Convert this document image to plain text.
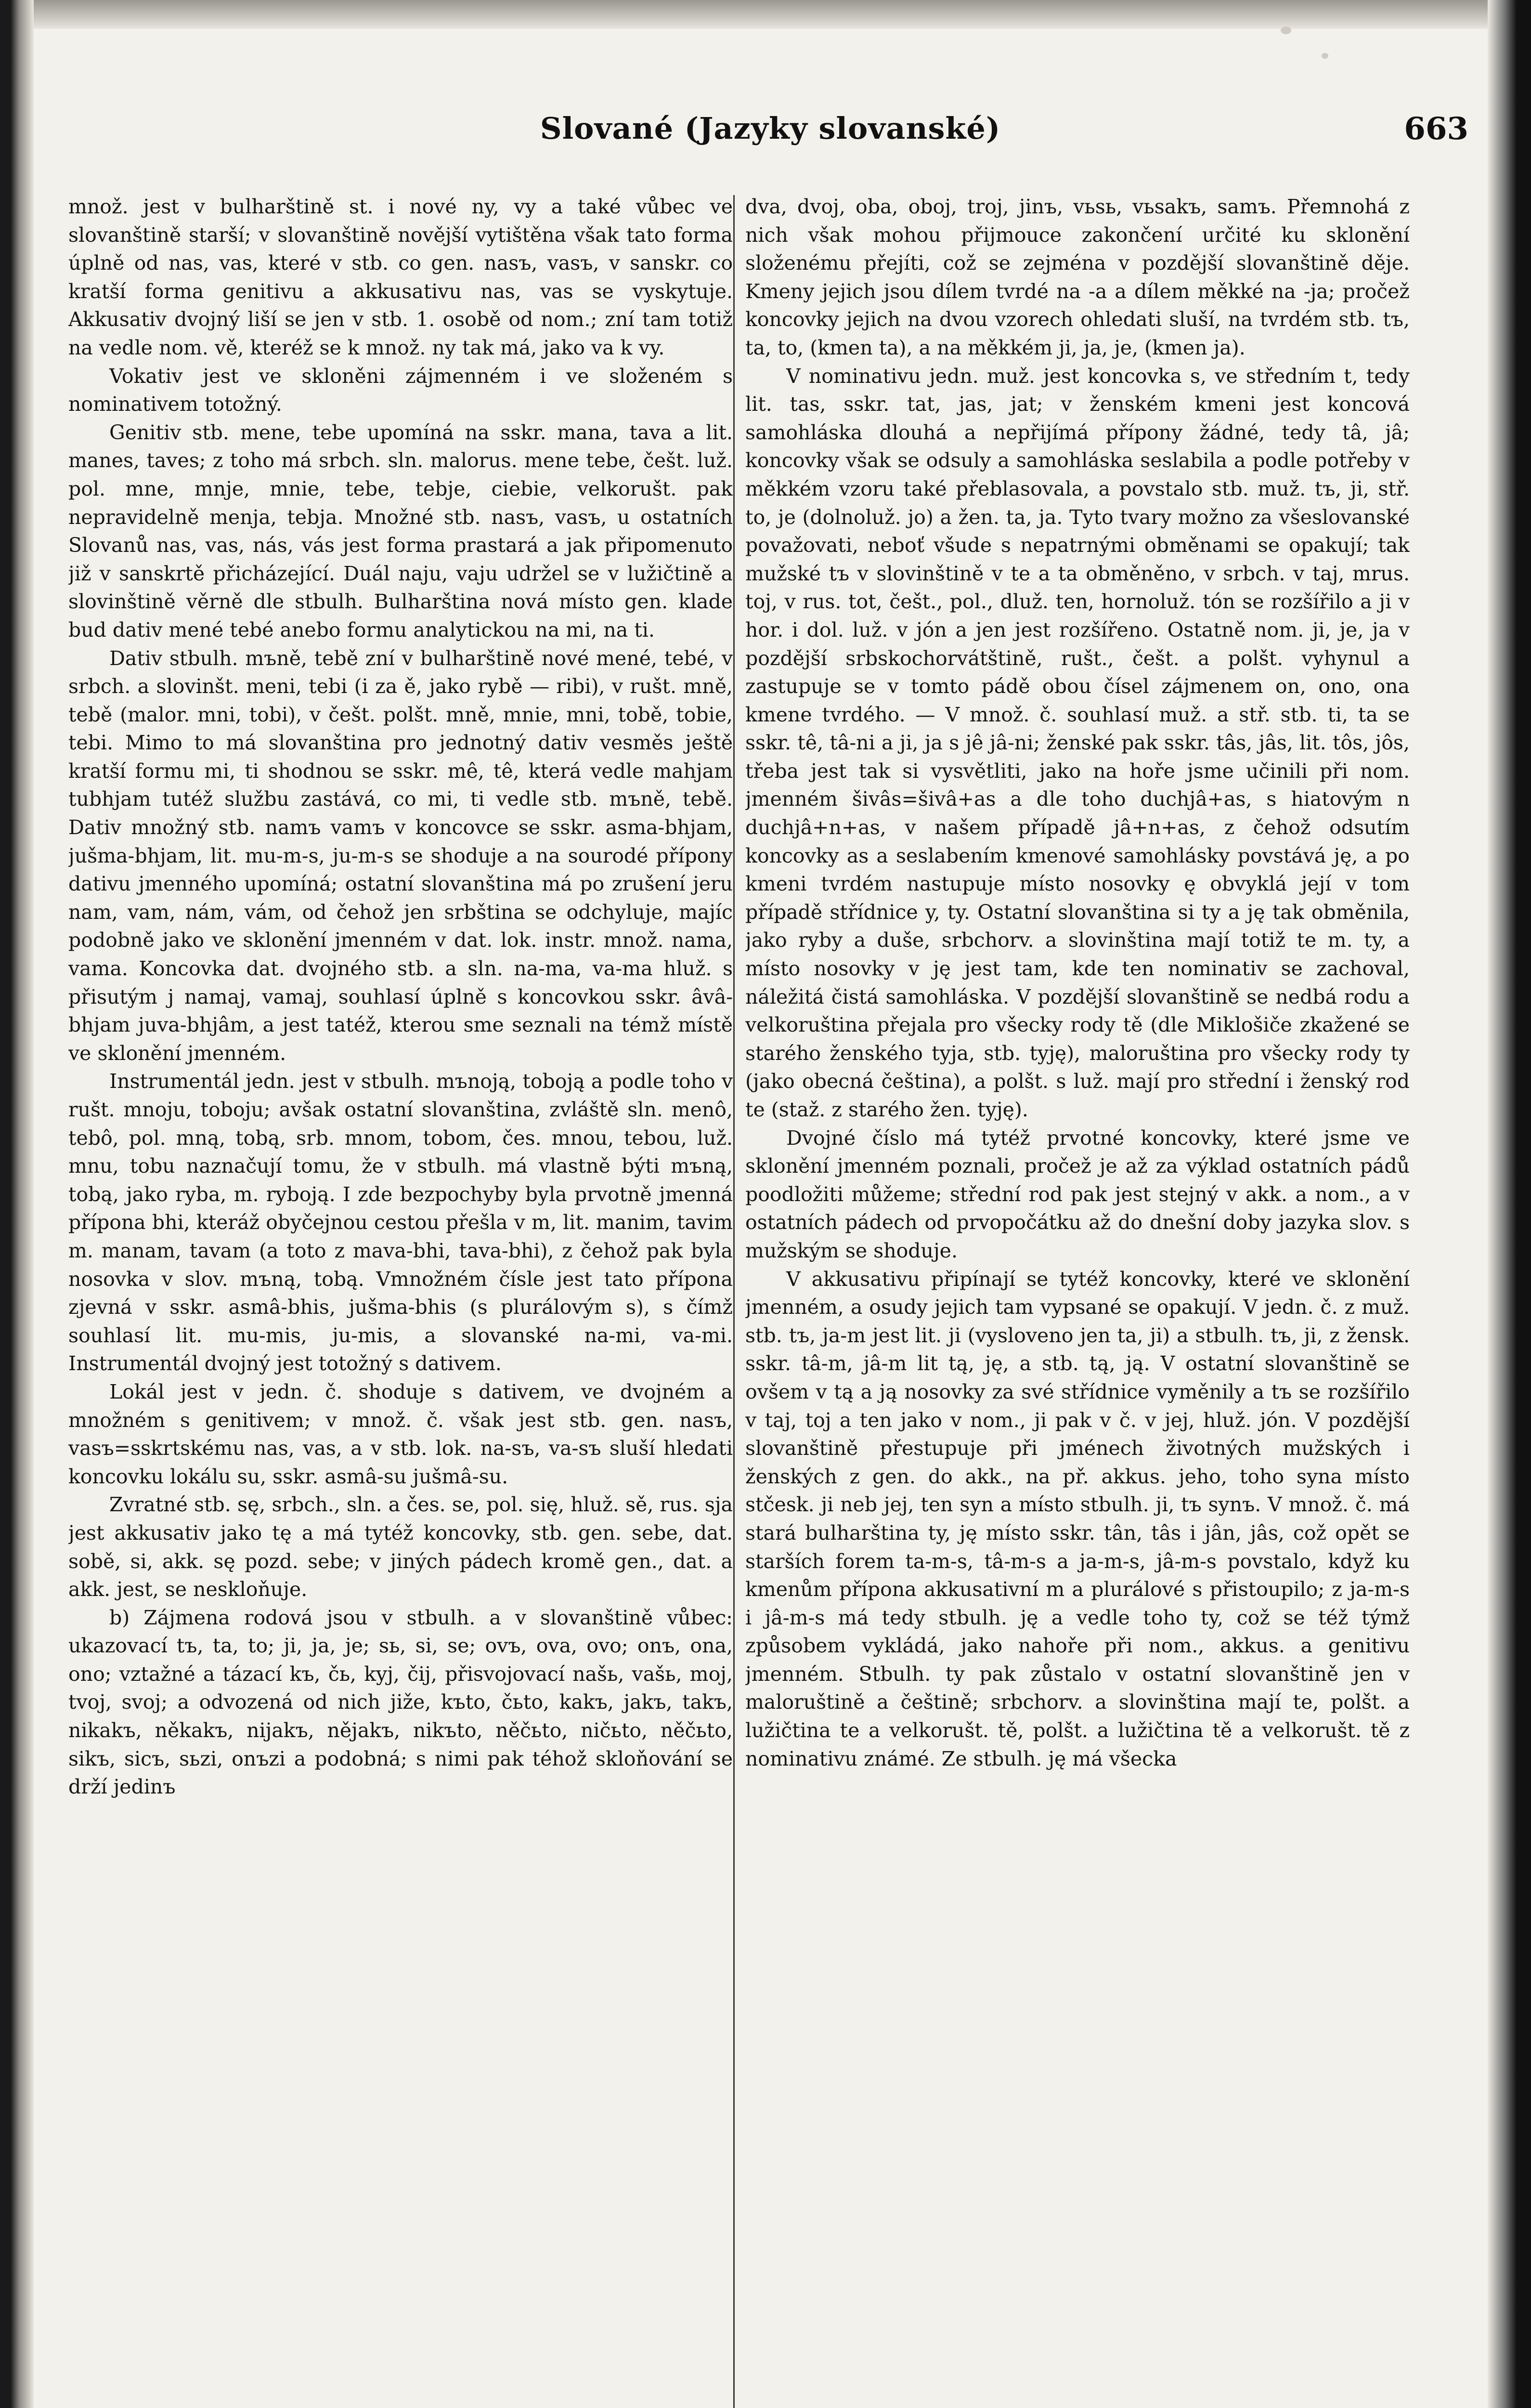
Slované (Jazyky slovanské)	663

množ. jest v bulharštině st. i nové ny, vy a také vůbec ve slovanštině starší; v slovanštině novější vytištěna však tato forma úplně od nas, vas, které v stb. co gen. nasъ, vasъ, v sanskr. co kratší forma genitivu a akkusativu nas, vas se vyskytuje. Akkusativ dvojný liší se jen v stb. 1. osobě od nom.; zní tam totiž na vedle nom. vě, kteréž se k množ. ny tak má, jako va k vy.

Vokativ jest ve skloněni zájmenném i ve složeném s nominativem totožný.

Genitiv stb. mene, tebe upomíná na sskr. mana, tava a lit. manes, taves; z toho má srbch. sln. malorus. mene tebe, češt. luž. pol. mne, mnje, mnie, tebe, tebje, ciebie, velkorušt. pak nepravidelně menja, tebja. Množné stb. nasъ, vasъ, u ostatních Slovanů nas, vas, nás, vás jest forma prastará a jak připomenuto již v sanskrtě přicházející. Duál naju, vaju udržel se v lužičtině a slovinštině věrně dle stbulh. Bulharština nová místo gen. klade bud dativ mené tebé anebo formu analytickou na mi, na ti.

Dativ stbulh. mъně, tebě zní v bulharštině nové mené, tebé, v srbch. a slovinšt. meni, tebi (i za ě, jako rybě — ribi), v rušt. mně, tebě (malor. mni, tobi), v češt. polšt. mně, mnie, mni, tobě, tobie, tebi. Mimo to má slovanština pro jednotný dativ vesměs ještě kratší formu mi, ti shodnou se sskr. mê, tê, která vedle mahjam tubhjam tutéž službu zastává, co mi, ti vedle stb. mъně, tebě. Dativ množný stb. namъ vamъ v koncovce se sskr. asma-bhjam, jušma-bhjam, lit. mu-m-s, ju-m-s se shoduje a na sourodé přípony dativu jmenného upomíná; ostatní slovanština má po zrušení jeru nam, vam, nám, vám, od čehož jen srbština se odchyluje, majíc podobně jako ve sklonění jmenném v dat. lok. instr. množ. nama, vama. Koncovka dat. dvojného stb. a sln. na-ma, va-ma hluž. s přisutým j namaj, vamaj, souhlasí úplně s koncovkou sskr. âvâ-bhjam juva-bhjâm, a jest tatéž, kterou sme seznali na témž místě ve sklonění jmenném.

Instrumentál jedn. jest v stbulh. mъnoją, toboją a podle toho v rušt. mnoju, toboju; avšak ostatní slovanština, zvláště sln. menô, tebô, pol. mną, tobą, srb. mnom, tobom, čes. mnou, tebou, luž. mnu, tobu naznačují tomu, že v stbulh. má vlastně býti mъną, tobą, jako ryba, m. ryboją. I zde bezpochyby byla prvotně jmenná přípona bhi, kteráž obyčejnou cestou přešla v m, lit. manim, tavim m. manam, tavam (a toto z mava-bhi, tava-bhi), z čehož pak byla nosovka v slov. mъną, tobą. Vmnožném čísle jest tato přípona zjevná v sskr. asmâ-bhis, jušma-bhis (s plurálovým s), s čímž souhlasí lit. mu-mis, ju-mis, a slovanské na-mi, va-mi. Instrumentál dvojný jest totožný s dativem.

Lokál jest v jedn. č. shoduje s dativem, ve dvojném a množném s genitivem; v množ. č. však jest stb. gen. nasъ, vasъ=sskrtskému nas, vas, a v stb. lok. na-sъ, va-sъ sluší hledati koncovku lokálu su, sskr. asmâ-su jušmâ-su.

Zvratné stb. sę, srbch., sln. a čes. se, pol. się, hluž. sě, rus. sja jest akkusativ jako tę a má tytéž koncovky, stb. gen. sebe, dat. sobě, si, akk. sę pozd. sebe; v jiných pádech kromě gen., dat. a akk. jest, se neskloňuje.

b) Zájmena rodová jsou v stbulh. a v slovanštině vůbec: ukazovací tъ, ta, to; ji, ja, je; sь, si, se; ovъ, ova, ovo; onъ, ona, ono; vztažné a tázací kъ, čь, kyj, čij, přisvojovací našь, vašь, moj, tvoj, svoj; a odvozená od nich jiže, kъto, čьto, kakъ, jakъ, takъ, nikakъ, někakъ, nijakъ, nějakъ, nikъto, něčьto, ničьto, něčьto, sikъ, sicъ, sьzi, onъzi a podobná; s nimi pak téhož skloňování se drží jedinъ

dva, dvoj, oba, oboj, troj, jinъ, vьsь, vьsakъ, samъ. Přemnohá z nich však mohou přijmouce zakončení určité ku sklonění složenému přejíti, což se zejména v pozdější slovanštině děje. Kmeny jejich jsou dílem tvrdé na -a a dílem měkké na -ja; pročež koncovky jejich na dvou vzorech ohledati sluší, na tvrdém stb. tъ, ta, to, (kmen ta), a na měkkém ji, ja, je, (kmen ja).

V nominativu jedn. muž. jest koncovka s, ve středním t, tedy lit. tas, sskr. tat, jas, jat; v ženském kmeni jest koncová samohláska dlouhá a nepřijímá přípony žádné, tedy tâ, jâ; koncovky však se odsuly a samohláska seslabila a podle potřeby v měkkém vzoru také přeblasovala, a povstalo stb. muž. tъ, ji, stř. to, je (dolnoluž. jo) a žen. ta, ja. Tyto tvary možno za všeslovanské považovati, neboť všude s nepatrnými obměnami se opakují; tak mužské tъ v slovinštině v te a ta obměněno, v srbch. v taj, mrus. toj, v rus. tot, češt., pol., dluž. ten, hornoluž. tón se rozšířilo a ji v hor. i dol. luž. v jón a jen jest rozšířeno. Ostatně nom. ji, je, ja v pozdější srbskochorvátštině, rušt., češt. a polšt. vyhynul a zastupuje se v tomto pádě obou čísel zájmenem on, ono, ona kmene tvrdého. — V množ. č. souhlasí muž. a stř. stb. ti, ta se sskr. tê, tâ-ni a ji, ja s jê jâ-ni; ženské pak sskr. tâs, jâs, lit. tôs, jôs, třeba jest tak si vysvětliti, jako na hoře jsme učinili při nom. jmenném šivâs=šivâ+as a dle toho duchjâ+as, s hiatovým n duchjâ+n+as, v našem případě jâ+n+as, z čehož odsutím koncovky as a seslabením kmenové samohlásky povstává ję, a po kmeni tvrdém nastupuje místo nosovky ę obvyklá její v tom případě střídnice y, ty. Ostatní slovanština si ty a ję tak obměnila, jako ryby a duše, srbchorv. a slovinština mají totiž te m. ty, a místo nosovky v ję jest tam, kde ten nominativ se zachoval, náležitá čistá samohláska. V pozdější slovanštině se nedbá rodu a velkoruština přejala pro všecky rody tě (dle Miklošiče zkažené se starého ženského tyja, stb. tyję), maloruština pro všecky rody ty (jako obecná čeština), a polšt. s luž. mají pro střední i ženský rod te (staž. z starého žen. tyję).

Dvojné číslo má tytéž prvotné koncovky, které jsme ve sklonění jmenném poznali, pročež je až za výklad ostatních pádů poodložiti můžeme; střední rod pak jest stejný v akk. a nom., a v ostatních pádech od prvopočátku až do dnešní doby jazyka slov. s mužským se shoduje.

V akkusativu připínají se tytéž koncovky, které ve sklonění jmenném, a osudy jejich tam vypsané se opakují. V jedn. č. z muž. stb. tъ, ja-m jest lit. ji (vysloveno jen ta, ji) a stbulh. tъ, ji, z žensk. sskr. tâ-m, jâ-m lit tą, ję, a stb. tą, ją. V ostatní slovanštině se ovšem v tą a ją nosovky za své střídnice vyměnily a tъ se rozšířilo v taj, toj a ten jako v nom., ji pak v č. v jej, hluž. jón. V pozdější slovanštině přestupuje při jménech životných mužských i ženských z gen. do akk., na př. akkus. jeho, toho syna místo stčesk. ji neb jej, ten syn a místo stbulh. ji, tъ synъ. V množ. č. má stará bulharština ty, ję místo sskr. tân, tâs i jân, jâs, což opět se starších forem ta-m-s, tâ-m-s a ja-m-s, jâ-m-s povstalo, když ku kmenům přípona akkusativní m a plurálové s přistoupilo; z ja-m-s i jâ-m-s má tedy stbulh. ję a vedle toho ty, což se též týmž způsobem vykládá, jako nahoře při nom., akkus. a genitivu jmenném. Stbulh. ty pak zůstalo v ostatní slovanštině jen v maloruštině a češtině; srbchorv. a slovinština mají te, polšt. a lužičtina te a velkorušt. tě, polšt. a lužičtina tě a velkorušt. tě z nominativu známé. Ze stbulh. ję má všecka
